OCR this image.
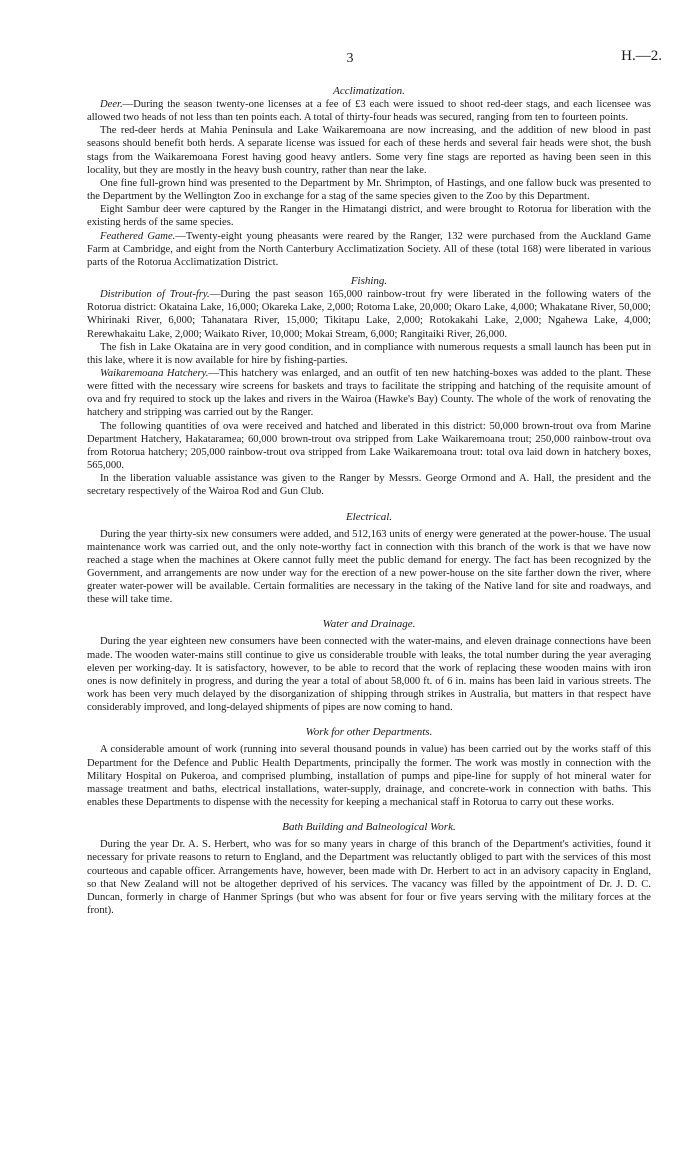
3	H.—2.
Acclimatization.

Deer.—During the season twenty-one licenses at a fee of £3 each were issued to shoot red-deer stags, and each licensee was allowed two heads of not less than ten points each. A total of thirty-four heads was secured, ranging from ten to fourteen points.

The red-deer herds at Mahia Peninsula and Lake Waikaremoana are now increasing, and the addition of new blood in past seasons should benefit both herds. A separate license was issued for each of these herds and several fair heads were shot, the bush stags from the Waikaremoana Forest having good heavy antlers. Some very fine stags are reported as having been seen in this locality, but they are mostly in the heavy bush country, rather than near the lake.

One fine full-grown hind was presented to the Department by Mr. Shrimpton, of Hastings, and one fallow buck was presented to the Department by the Wellington Zoo in exchange for a stag of the same species given to the Zoo by this Department.

Eight Sambur deer were captured by the Ranger in the Himatangi district, and were brought to Rotorua for liberation with the existing herds of the same species.

Feathered Game.—Twenty-eight young pheasants were reared by the Ranger, 132 were purchased from the Auckland Game Farm at Cambridge, and eight from the North Canterbury Acclimatization Society. All of these (total 168) were liberated in various parts of the Rotorua Acclimatization District.

Fishing.

Distribution of Trout-fry.—During the past season 165,000 rainbow-trout fry were liberated in the following waters of the Rotorua district: Okataina Lake, 16,000; Okareka Lake, 2,000; Rotoma Lake, 20,000; Okaro Lake, 4,000; Whakatane River, 50,000; Whirinaki River, 6,000; Tahanatara River, 15,000; Tikitapu Lake, 2,000; Rotokakahi Lake, 2,000; Ngahewa Lake, 4,000; Rerewhakaitu Lake, 2,000; Waikato River, 10,000; Mokai Stream, 6,000; Rangitaiki River, 26,000.

The fish in Lake Okataina are in very good condition, and in compliance with numerous requests a small launch has been put in this lake, where it is now available for hire by fishing-parties.

Waikaremoana Hatchery.—This hatchery was enlarged, and an outfit of ten new hatching-boxes was added to the plant. These were fitted with the necessary wire screens for baskets and trays to facilitate the stripping and hatching of the requisite amount of ova and fry required to stock up the lakes and rivers in the Wairoa (Hawke's Bay) County. The whole of the work of renovating the hatchery and stripping was carried out by the Ranger.

The following quantities of ova were received and hatched and liberated in this district: 50,000 brown-trout ova from Marine Department Hatchery, Hakataramea; 60,000 brown-trout ova stripped from Lake Waikaremoana trout; 250,000 rainbow-trout ova from Rotorua hatchery; 205,000 rainbow-trout ova stripped from Lake Waikaremoana trout: total ova laid down in hatchery boxes, 565,000.

In the liberation valuable assistance was given to the Ranger by Messrs. George Ormond and A. Hall, the president and the secretary respectively of the Wairoa Rod and Gun Club.

Electrical.

During the year thirty-six new consumers were added, and 512,163 units of energy were generated at the power-house. The usual maintenance work was carried out, and the only note-worthy fact in connection with this branch of the work is that we have now reached a stage when the machines at Okere cannot fully meet the public demand for energy. The fact has been recognized by the Government, and arrangements are now under way for the erection of a new power-house on the site farther down the river, where greater water-power will be available. Certain formalities are necessary in the taking of the Native land for site and roadways, and these will take time.

Water and Drainage.

During the year eighteen new consumers have been connected with the water-mains, and eleven drainage connections have been made. The wooden water-mains still continue to give us considerable trouble with leaks, the total number during the year averaging eleven per working-day. It is satisfactory, however, to be able to record that the work of replacing these wooden mains with iron ones is now definitely in progress, and during the year a total of about 58,000 ft. of 6 in. mains has been laid in various streets. The work has been very much delayed by the disorganization of shipping through strikes in Australia, but matters in that respect have considerably improved, and long-delayed shipments of pipes are now coming to hand.

Work for other Departments.

A considerable amount of work (running into several thousand pounds in value) has been carried out by the works staff of this Department for the Defence and Public Health Departments, principally the former. The work was mostly in connection with the Military Hospital on Pukeroa, and comprised plumbing, installation of pumps and pipe-line for supply of hot mineral water for massage treatment and baths, electrical installations, water-supply, drainage, and concrete-work in connection with baths. This enables these Departments to dispense with the necessity for keeping a mechanical staff in Rotorua to carry out these works.

Bath Building and Balneological Work.

During the year Dr. A. S. Herbert, who was for so many years in charge of this branch of the Department's activities, found it necessary for private reasons to return to England, and the Department was reluctantly obliged to part with the services of this most courteous and capable officer. Arrangements have, however, been made with Dr. Herbert to act in an advisory capacity in England, so that New Zealand will not be altogether deprived of his services. The vacancy was filled by the appointment of Dr. J. D. C. Duncan, formerly in charge of Hanmer Springs (but who was absent for four or five years serving with the military forces at the front).
